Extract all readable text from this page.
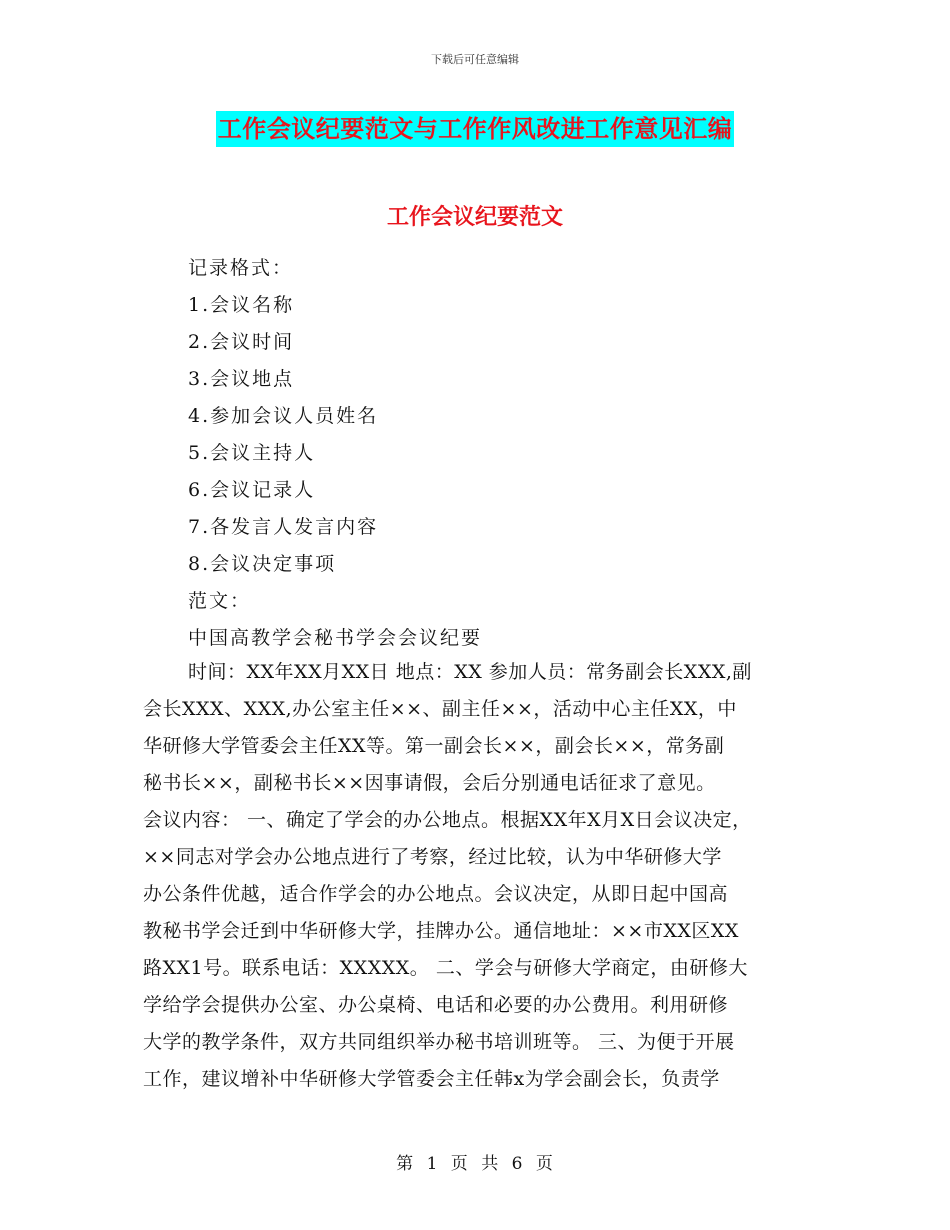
下载后可任意编辑
工作会议纪要范文与工作作风改进工作意见汇编
工作会议纪要范文
记录格式：
1.会议名称
2.会议时间
3.会议地点
4.参加会议人员姓名
5.会议主持人
6.会议记录人
7.各发言人发言内容
8.会议决定事项
范文：
中国高教学会秘书学会会议纪要
时间：XX年XX月XX日 地点：XX 参加人员：常务副会长XXX,副
会长XXX、XXX,办公室主任××、副主任××，活动中心主任XX，中
华研修大学管委会主任XX等。第一副会长××，副会长××，常务副
秘书长××，副秘书长××因事请假，会后分别通电话征求了意见。
会议内容： 一、确定了学会的办公地点。根据XX年X月X日会议决定，
××同志对学会办公地点进行了考察，经过比较，认为中华研修大学
办公条件优越，适合作学会的办公地点。会议决定，从即日起中国高
教秘书学会迁到中华研修大学，挂牌办公。通信地址：××市XX区XX
路XX1号。联系电话：XXXXX。 二、学会与研修大学商定，由研修大
学给学会提供办公室、办公桌椅、电话和必要的办公费用。利用研修
大学的教学条件，双方共同组织举办秘书培训班等。 三、为便于开展
工作，建议增补中华研修大学管委会主任韩x为学会副会长，负责学
第 1 页 共 6 页
